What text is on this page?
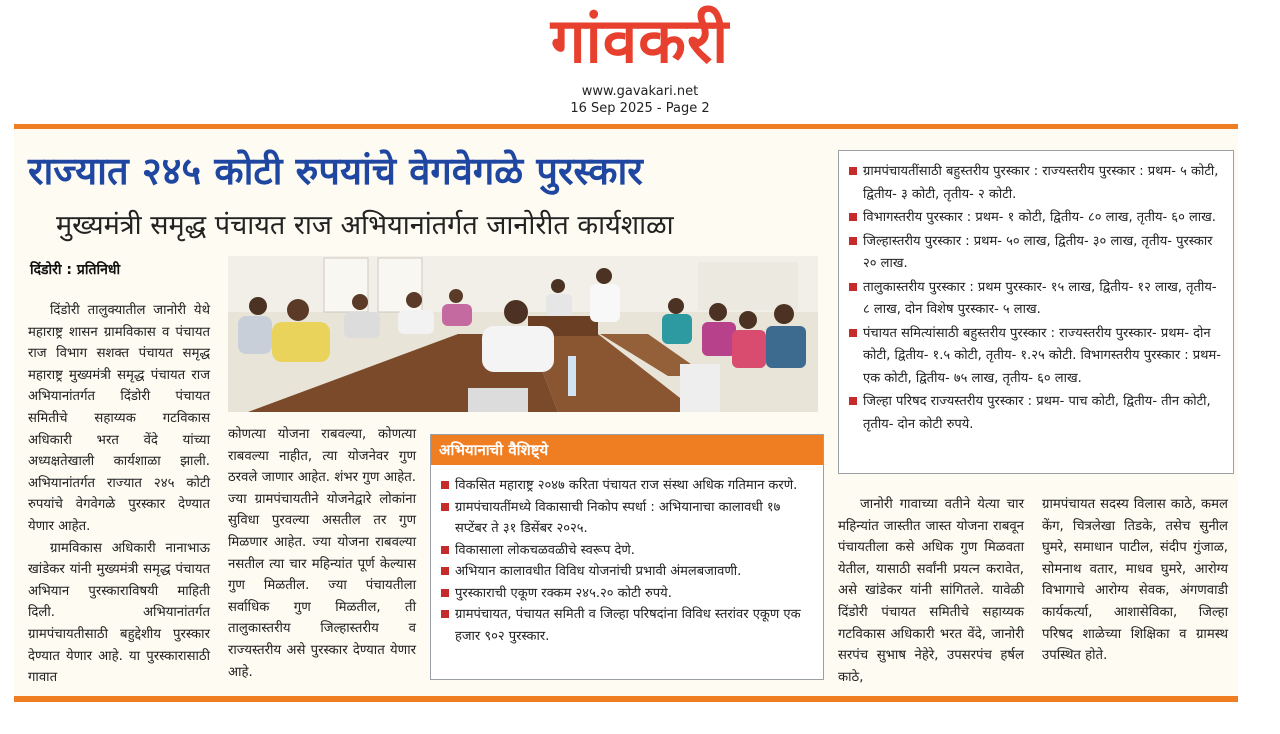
गांवकरी
www.gavakari.net
16 Sep 2025 - Page 2
राज्यात २४५ कोटी रुपयांचे वेगवेगळे पुरस्कार
मुख्यमंत्री समृद्ध पंचायत राज अभियानांतर्गत जानोरीत कार्यशाळा
दिंडोरी : प्रतिनिधी

दिंडोरी तालुक्यातील जानोरी येथे महाराष्ट्र शासन ग्रामविकास व पंचायत राज विभाग सशक्त पंचायत समृद्ध महाराष्ट्र मुख्यमंत्री समृद्ध पंचायत राज अभियानांतर्गत दिंडोरी पंचायत समितीचे सहाय्यक गटविकास अधिकारी भरत वेंदे यांच्या अध्यक्षतेखाली कार्यशाळा झाली. अभियानांतर्गत राज्यात २४५ कोटी रुपयांचे वेगवेगळे पुरस्कार देण्यात येणार आहेत.

ग्रामविकास अधिकारी नानाभाऊ खांडेकर यांनी मुख्यमंत्री समृद्ध पंचायत अभियान पुरस्काराविषयी माहिती दिली. अभियानांतर्गत ग्रामपंचायतीसाठी बहुद्देशीय पुरस्कार देण्यात येणार आहे. या पुरस्कारासाठी गावात

कोणत्या योजना राबवल्या, कोणत्या राबवल्या नाहीत, त्या योजनेवर गुण ठरवले जाणार आहेत. शंभर गुण आहेत. ज्या ग्रामपंचायतीने योजनेद्वारे लोकांना सुविधा पुरवल्या असतील तर गुण मिळणार आहेत. ज्या योजना राबवल्या नसतील त्या चार महिन्यांत पूर्ण केल्यास गुण मिळतील. ज्या पंचायतीला सर्वाधिक गुण मिळतील, ती तालुकास्तरीय जिल्हास्तरीय व राज्यस्तरीय असे पुरस्कार देण्यात येणार आहे.

अभियानाची वैशिष्ट्ये
विकसित महाराष्ट्र २०४७ करिता पंचायत राज संस्था अधिक गतिमान करणे.
ग्रामपंचायतींमध्ये विकासाची निकोप स्पर्धा : अभियानाचा कालावधी १७ सप्टेंबर ते ३१ डिसेंबर २०२५.
विकासाला लोकचळवळीचे स्वरूप देणे.
अभियान कालावधीत विविध योजनांची प्रभावी अंमलबजावणी.
पुरस्काराची एकूण रक्कम २४५.२० कोटी रुपये.
ग्रामपंचायत, पंचायत समिती व जिल्हा परिषदांना विविध स्तरांवर एकूण एक हजार ९०२ पुरस्कार.
ग्रामपंचायतींसाठी बहुस्तरीय पुरस्कार : राज्यस्तरीय पुरस्कार : प्रथम- ५ कोटी, द्वितीय- ३ कोटी, तृतीय- २ कोटी.
विभागस्तरीय पुरस्कार : प्रथम- १ कोटी, द्वितीय- ८० लाख, तृतीय- ६० लाख.
जिल्हास्तरीय पुरस्कार : प्रथम- ५० लाख, द्वितीय- ३० लाख, तृतीय- पुरस्कार २० लाख.
तालुकास्तरीय पुरस्कार : प्रथम पुरस्कार- १५ लाख, द्वितीय- १२ लाख, तृतीय- ८ लाख, दोन विशेष पुरस्कार- ५ लाख.
पंचायत समित्यांसाठी बहुस्तरीय पुरस्कार : राज्यस्तरीय पुरस्कार- प्रथम- दोन कोटी, द्वितीय- १.५ कोटी, तृतीय- १.२५ कोटी. विभागस्तरीय पुरस्कार : प्रथम- एक कोटी, द्वितीय- ७५ लाख, तृतीय- ६० लाख.
जिल्हा परिषद राज्यस्तरीय पुरस्कार : प्रथम- पाच कोटी, द्वितीय- तीन कोटी, तृतीय- दोन कोटी रुपये.

जानोरी गावाच्या वतीने येत्या चार महिन्यांत जास्तीत जास्त योजना राबवून पंचायतीला कसे अधिक गुण मिळवता येतील, यासाठी सर्वांनी प्रयत्न करावेत, असे खांडेकर यांनी सांगितले. यावेळी दिंडोरी पंचायत समितीचे सहाय्यक गटविकास अधिकारी भरत वेंदे, जानोरी सरपंच सुभाष नेहेरे, उपसरपंच हर्षल काठे,

ग्रामपंचायत सदस्य विलास काठे, कमल केंग, चित्रलेखा तिडके, तसेच सुनील घुमरे, समाधान पाटील, संदीप गुंजाळ, सोमनाथ वतार, माधव घुमरे, आरोग्य विभागाचे आरोग्य सेवक, अंगणवाडी कार्यकर्त्या, आशासेविका, जिल्हा परिषद शाळेच्या शिक्षिका व ग्रामस्थ उपस्थित होते.
